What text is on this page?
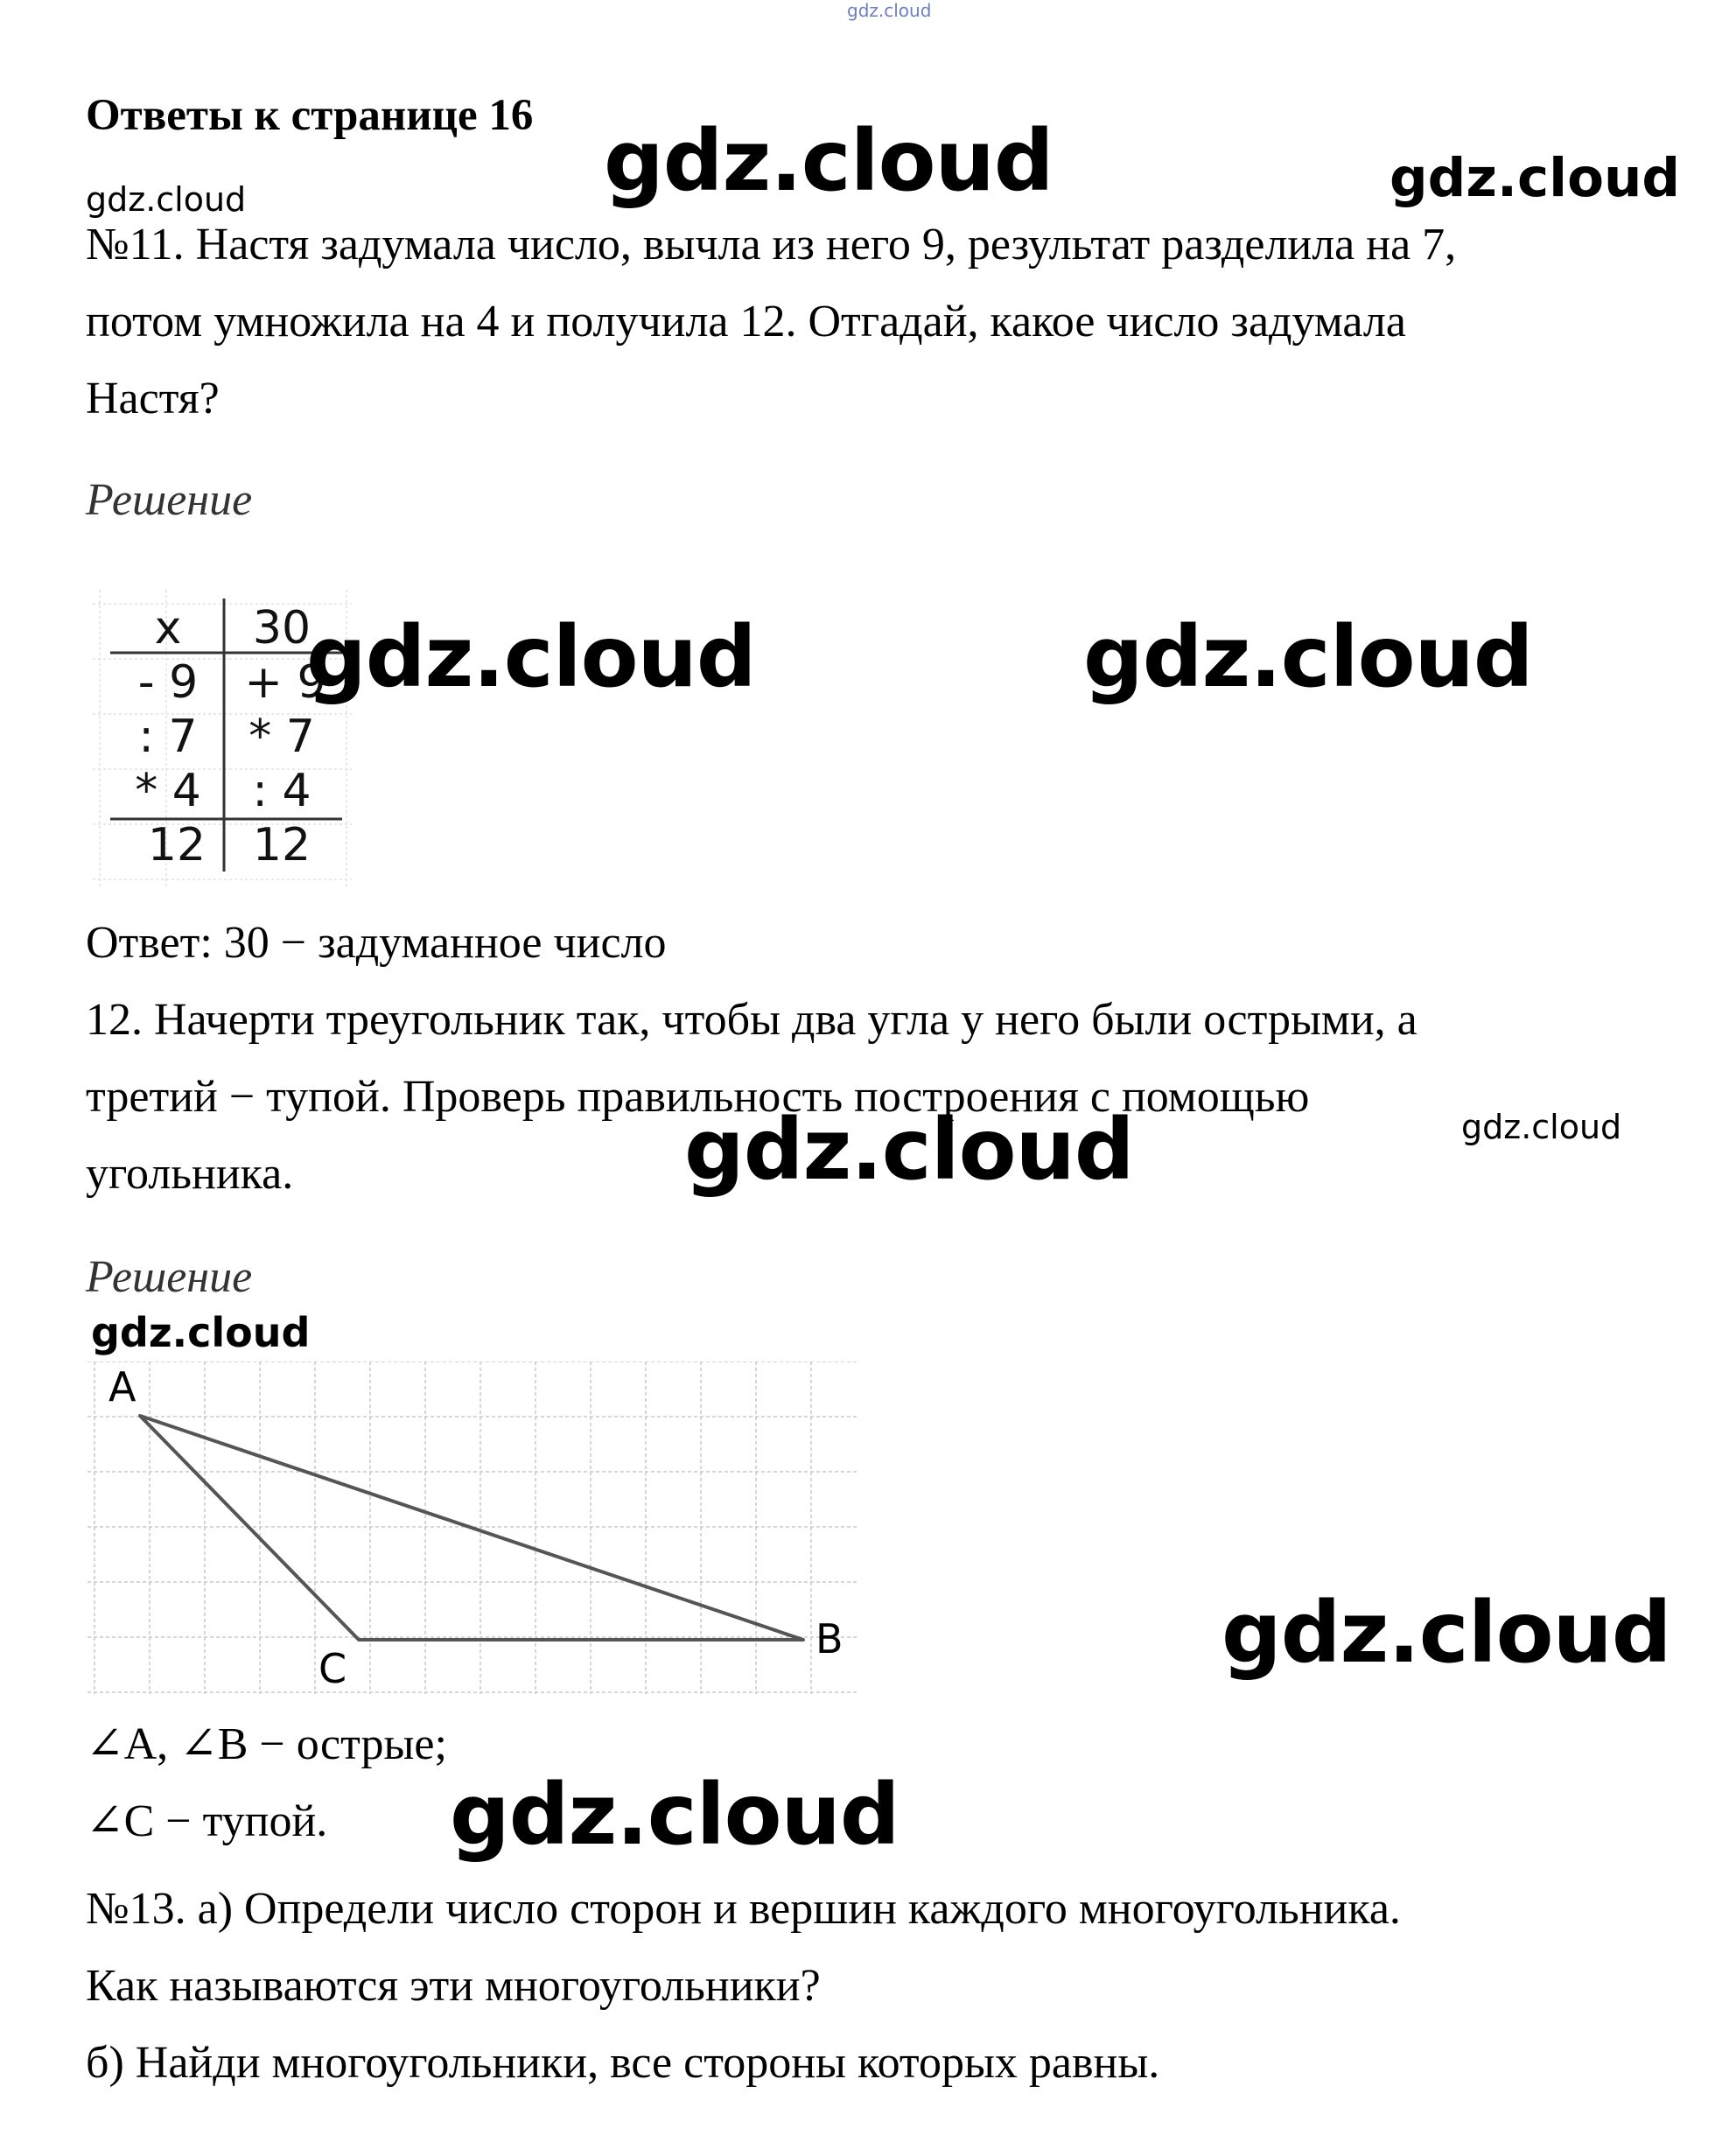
gdz.cloud
Ответы к странице 16 gdz.cloud	gdz.cloud
gdz.cloud
№11. Настя задумала число, вычла из него 9, результат разделила на 7,
потом умножила на 4 и получила 12. Отгадай, какое число задумала
Настя?
Решение
x	30
- 9	+ 9
: 7	* 7
* 4	: 4
12	12
gdz.cloud	gdz.cloud
Ответ: 30 − задуманное число
12. Начерти треугольник так, чтобы два угла у него были острыми, а
третий − тупой. Проверь правильность построения с помощью
угольника.	gdz.cloud	gdz.cloud
Решение
gdz.cloud
A
B
C	gdz.cloud
∠A, ∠B − острые;
∠C − тупой.	gdz.cloud
№13. а) Определи число сторон и вершин каждого многоугольника.
Как называются эти многоугольники?
б) Найди многоугольники, все стороны которых равны.
